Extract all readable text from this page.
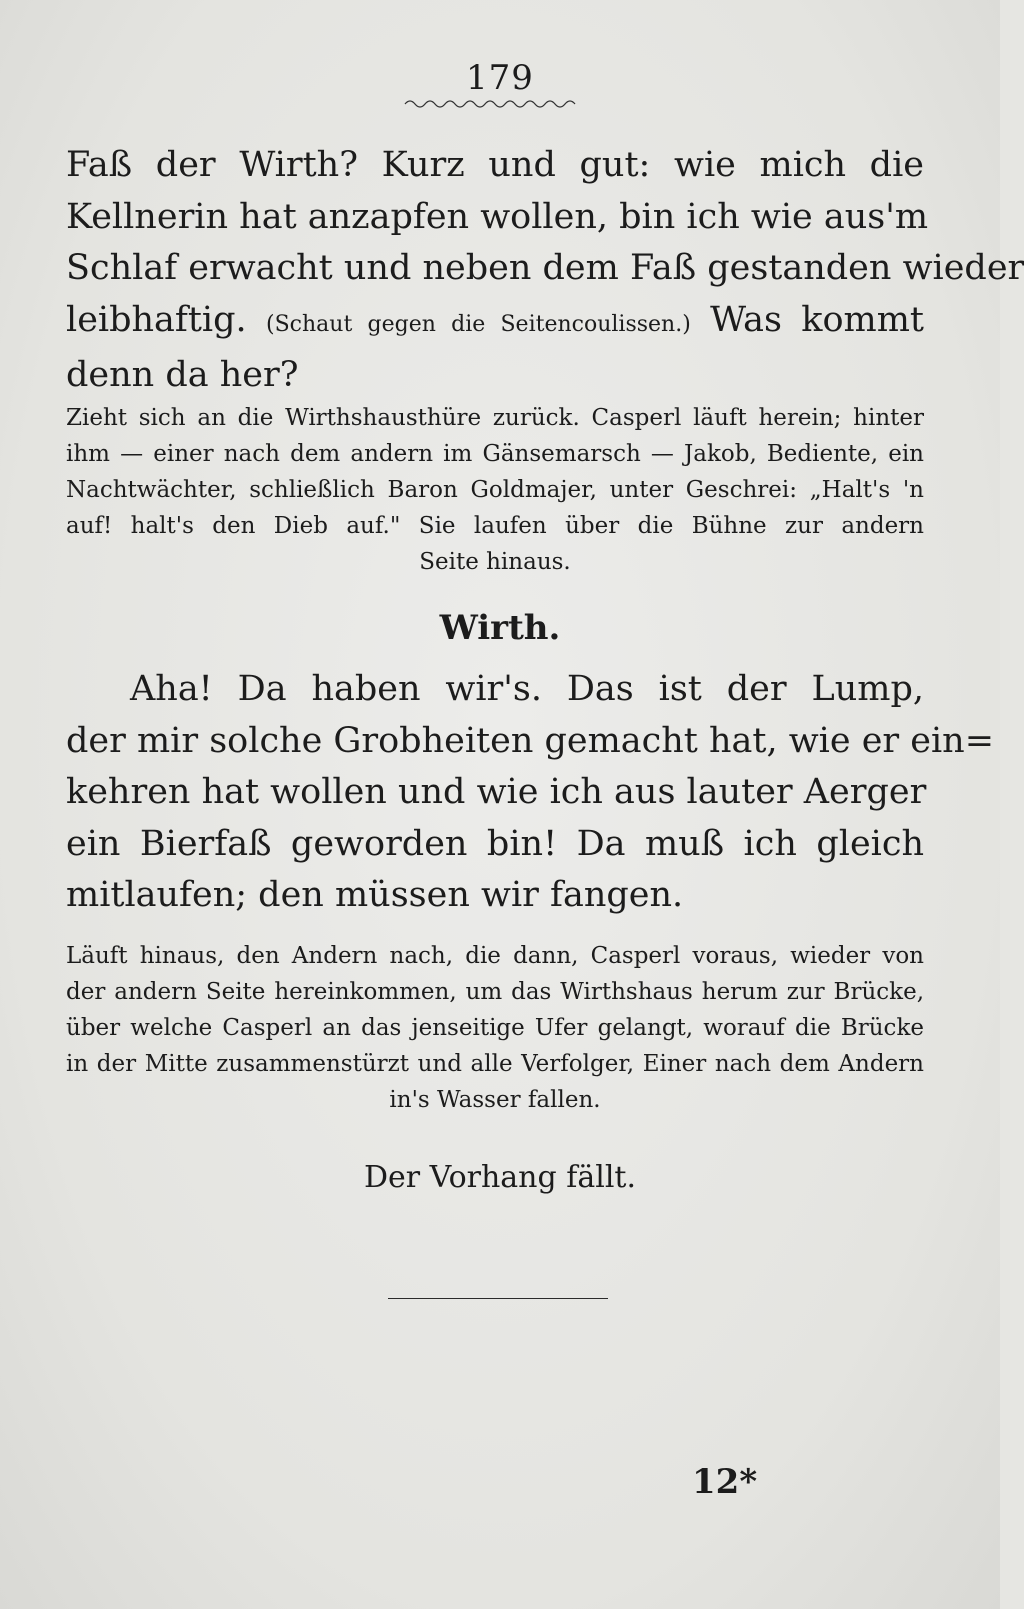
179
Faß der Wirth? Kurz und gut: wie mich die
Kellnerin hat anzapfen wollen, bin ich wie aus'm
Schlaf erwacht und neben dem Faß gestanden wieder
leibhaftig. (Schaut gegen die Seitencoulissen.) Was kommt
denn da her?
Zieht sich an die Wirthshausthüre zurück. Casperl läuft herein; hinter
ihm — einer nach dem andern im Gänsemarsch — Jakob, Bediente, ein
Nachtwächter, schließlich Baron Goldmajer, unter Geschrei: „Halt's 'n
auf! halt's den Dieb auf." Sie laufen über die Bühne zur andern
Seite hinaus.
Wirth.
Aha! Da haben wir's. Das ist der Lump,
der mir solche Grobheiten gemacht hat, wie er ein=
kehren hat wollen und wie ich aus lauter Aerger
ein Bierfaß geworden bin! Da muß ich gleich
mitlaufen; den müssen wir fangen.
Läuft hinaus, den Andern nach, die dann, Casperl voraus, wieder von
der andern Seite hereinkommen, um das Wirthshaus herum zur Brücke,
über welche Casperl an das jenseitige Ufer gelangt, worauf die Brücke
in der Mitte zusammenstürzt und alle Verfolger, Einer nach dem Andern
in's Wasser fallen.
Der Vorhang fällt.
12*
